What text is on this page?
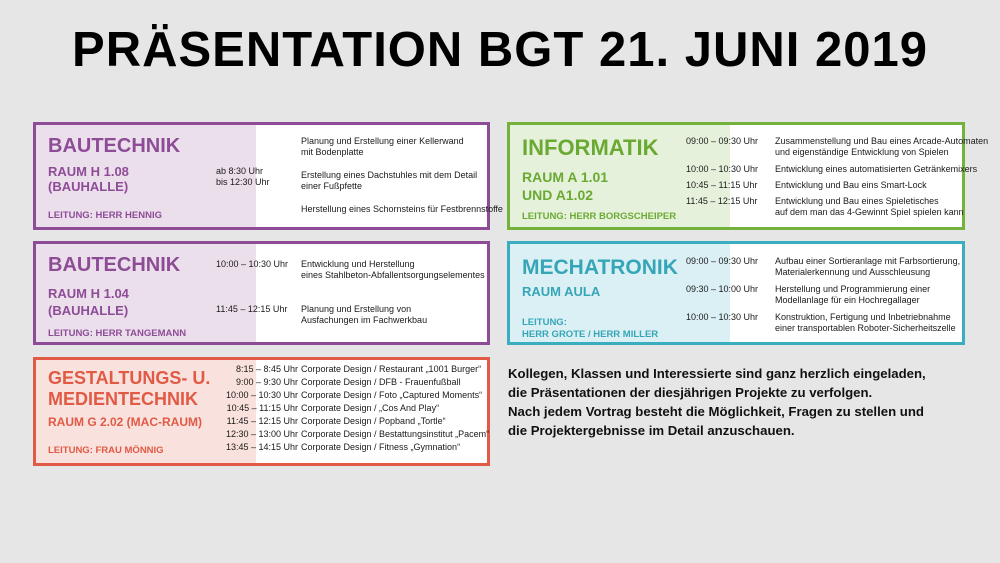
PRÄSENTATION BGT 21. JUNI 2019
BAUTECHNIK
RAUM H 1.08
(BAUHALLE)
LEITUNG: HERR HENNIG
ab 8:30 Uhr
bis 12:30 Uhr
Planung und Erstellung einer Kellerwand
mit Bodenplatte
Erstellung eines Dachstuhles mit dem Detail
einer Fußpfette
Herstellung eines Schornsteins für Festbrennstoffe
BAUTECHNIK
RAUM H 1.04
(BAUHALLE)
LEITUNG: HERR TANGEMANN
10:00 – 10:30 Uhr Entwicklung und Herstellung
eines Stahlbeton-Abfallentsorgungselementes
11:45 – 12:15 Uhr Planung und Erstellung von
Ausfachungen im Fachwerkbau
GESTALTUNGS- U.
MEDIENTECHNIK
RAUM G 2.02 (MAC-RAUM)
LEITUNG: FRAU MÖNNIG
8:15 – 8:45 Uhr Corporate Design / Restaurant „1001 Burger“
9:00 – 9:30 Uhr Corporate Design / DFB - Frauenfußball
10:00 – 10:30 Uhr Corporate Design / Foto „Captured Moments“
10:45 – 11:15 Uhr Corporate Design / „Cos And Play“
11:45 – 12:15 Uhr Corporate Design / Popband „Tortle“
12:30 – 13:00 Uhr Corporate Design / Bestattungsinstitut „Pacem“
13:45 – 14:15 Uhr Corporate Design / Fitness „Gymnation“
INFORMATIK
RAUM A 1.01
UND A1.02
LEITUNG: HERR BORGSCHEIPER
09:00 – 09:30 Uhr Zusammenstellung und Bau eines Arcade-Automaten
und eigenständige Entwicklung von Spielen
10:00 – 10:30 Uhr Entwicklung eines automatisierten Getränkemixers
10:45 – 11:15 Uhr Entwicklung und Bau eins Smart-Lock
11:45 – 12:15 Uhr Entwicklung und Bau eines Spieletisches
auf dem man das 4-Gewinnt Spiel spielen kann
MECHATRONIK
RAUM AULA
LEITUNG:
HERR GROTE / HERR MILLER
09:00 – 09:30 Uhr Aufbau einer Sortieranlage mit Farbsortierung,
Materialerkennung und Ausschleusung
09:30 – 10:00 Uhr Herstellung und Programmierung einer
Modellanlage für ein Hochregallager
10:00 – 10:30 Uhr Konstruktion, Fertigung und Inbetriebnahme
einer transportablen Roboter-Sicherheitszelle
Kollegen, Klassen und Interessierte sind ganz herzlich eingeladen,
die Präsentationen der diesjährigen Projekte zu verfolgen.
Nach jedem Vortrag besteht die Möglichkeit, Fragen zu stellen und
die Projektergebnisse im Detail anzuschauen.
